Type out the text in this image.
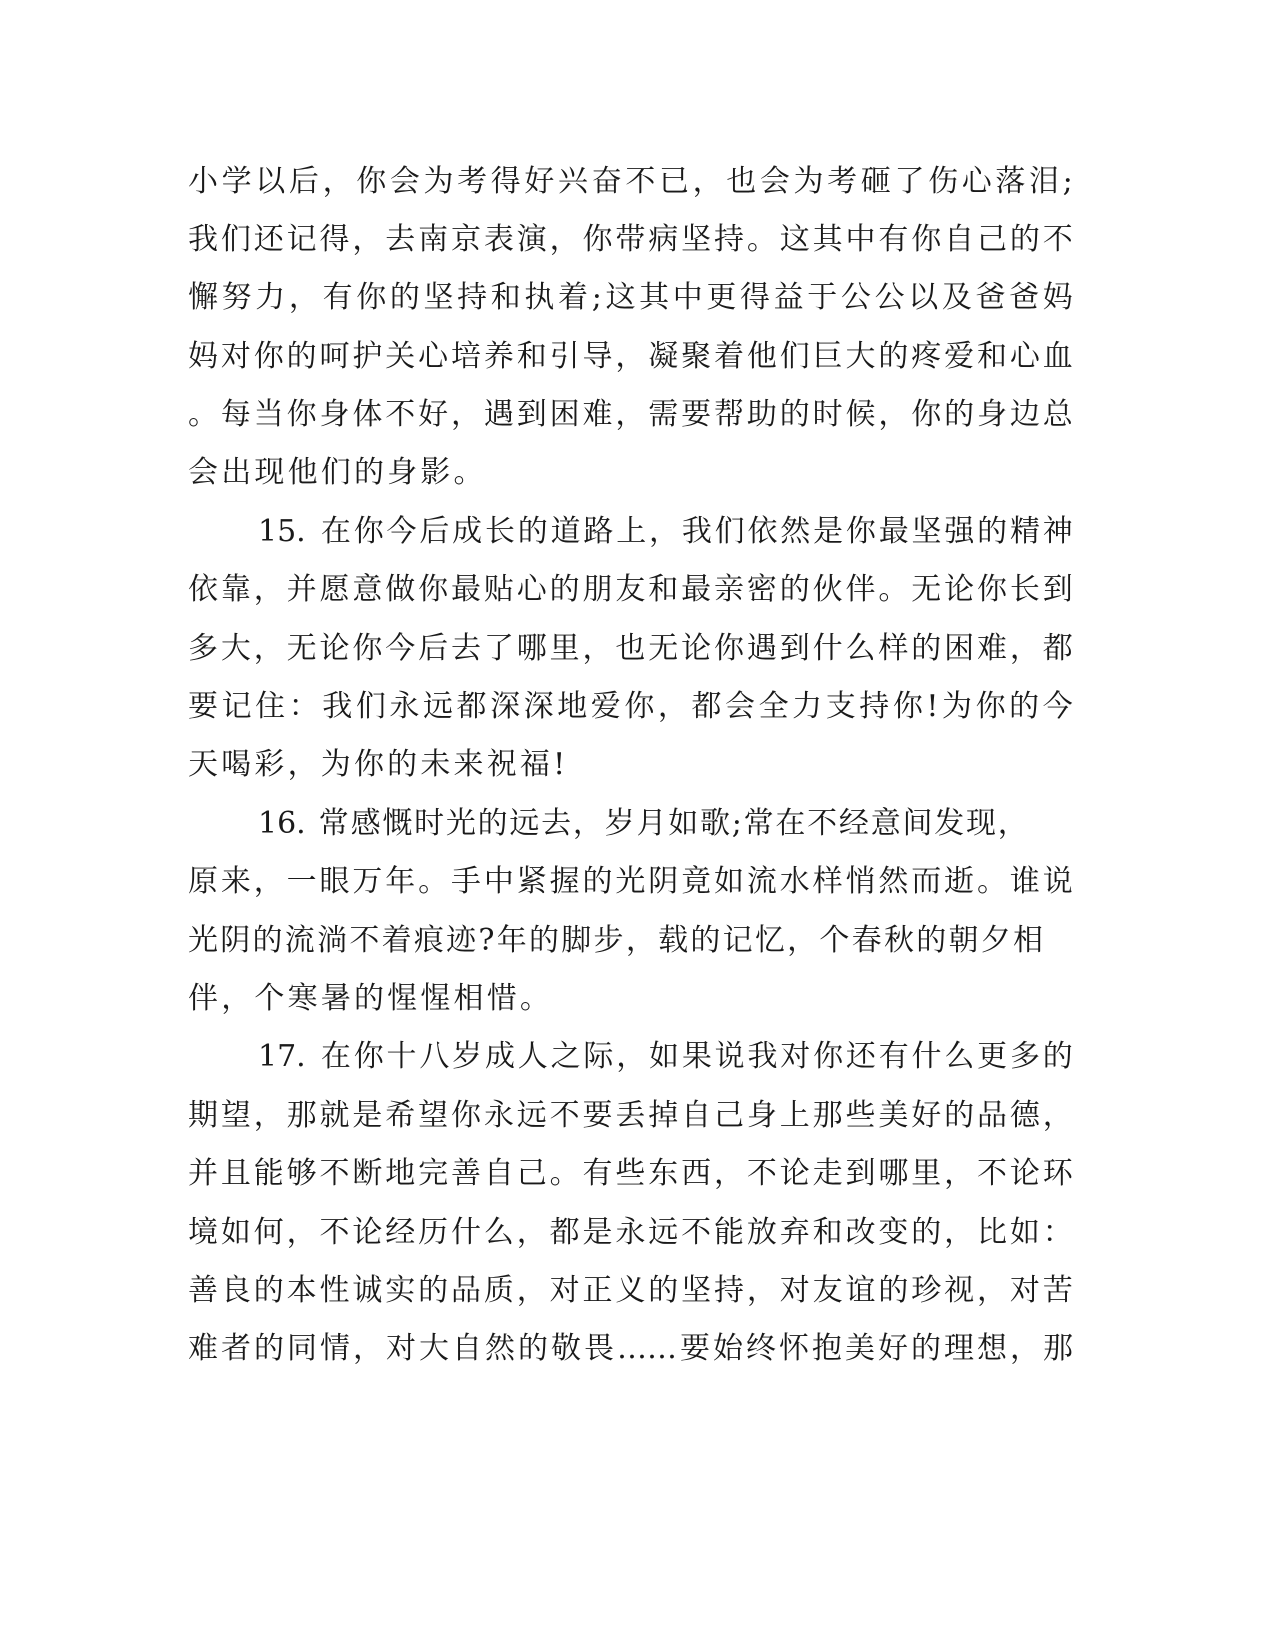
小 学 以 后 ， 你 会 为 考 得 好 兴 奋 不 已 ， 也 会 为 考 砸 了 伤 心 落 泪 ;
我 们 还 记 得 ， 去 南 京 表 演 ， 你 带 病 坚 持 。 这 其 中 有 你 自 己 的 不
懈 努 力 ， 有 你 的 坚 持 和 执 着 ; 这 其 中 更 得 益 于 公 公 以 及 爸 爸 妈
妈 对 你 的 呵 护 关 心 培 养 和 引 导 ， 凝 聚 着 他 们 巨 大 的 疼 爱 和 心 血
。 每 当 你 身 体 不 好 ， 遇 到 困 难 ， 需 要 帮 助 的 时 候 ， 你 的 身 边 总
会 出 现 他 们 的 身 影 。
15.
在 你 今 后 成 长 的 道 路 上 ， 我 们 依 然 是 你 最 坚 强 的 精 神
依 靠 ， 并 愿 意 做 你 最 贴 心 的 朋 友 和 最 亲 密 的 伙 伴 。 无 论 你 长 到
多 大 ， 无 论 你 今 后 去 了 哪 里 ， 也 无 论 你 遇 到 什 么 样 的 困 难 ， 都
要 记 住 ： 我 们 永 远 都 深 深 地 爱 你 ， 都 会 全 力 支 持 你 ! 为 你 的 今
天 喝 彩 ， 为 你 的 未 来 祝 福 !
16.
常 感 慨 时 光 的 远 去 ， 岁 月 如 歌 ; 常 在 不 经 意 间 发 现 ，
原 来 ， 一 眼 万 年 。 手 中 紧 握 的 光 阴 竟 如 流 水 样 悄 然 而 逝 。 谁 说
光 阴 的 流 淌 不 着 痕 迹 ? 年 的 脚 步 ， 载 的 记 忆 ， 个 春 秋 的 朝 夕 相
伴 ， 个 寒 暑 的 惺 惺 相 惜 。
17.
在 你 十 八 岁 成 人 之 际 ， 如 果 说 我 对 你 还 有 什 么 更 多 的
期 望 ， 那 就 是 希 望 你 永 远 不 要 丢 掉 自 己 身 上 那 些 美 好 的 品 德 ，
并 且 能 够 不 断 地 完 善 自 己 。 有 些 东 西 ， 不 论 走 到 哪 里 ， 不 论 环
境 如 何 ， 不 论 经 历 什 么 ， 都 是 永 远 不 能 放 弃 和 改 变 的 ， 比 如 ：
善 良 的 本 性 诚 实 的 品 质 ， 对 正 义 的 坚 持 ， 对 友 谊 的 珍 视 ， 对 苦
难 者 的 同 情 ， 对 大 自 然 的 敬 畏 …… 要 始 终 怀 抱 美 好 的 理 想 ， 那
